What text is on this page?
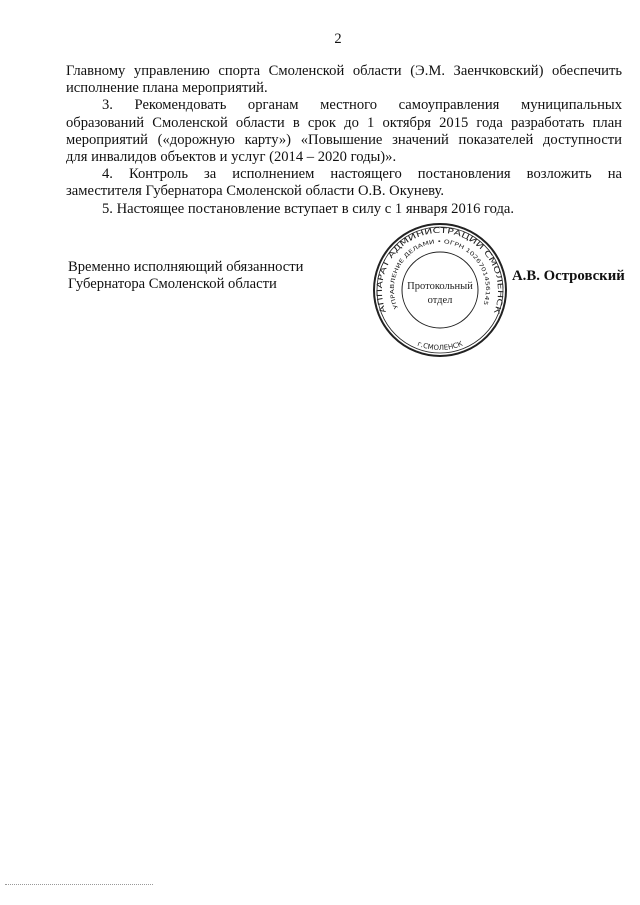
2
Главному управлению спорта Смоленской области (Э.М. Заенчковский) обеспечить
исполнение плана мероприятий.
3. Рекомендовать органам местного самоуправления муниципальных
образований Смоленской области в срок до 1 октября 2015 года разработать план
мероприятий («дорожную карту») «Повышение значений показателей доступности
для инвалидов объектов и услуг (2014 – 2020 годы)».
4. Контроль за исполнением настоящего постановления возложить на
заместителя Губернатора Смоленской области О.В. Окуневу.
5. Настоящее постановление вступает в силу с 1 января 2016 года.
Временно исполняющий обязанности
Губернатора Смоленской области
АППАРАТ АДМИНИСТРАЦИИ СМОЛЕНСК
УПРАВЛЕНИЕ ДЕЛАМИ • ОГРН 1026701456145
г.СМОЛЕНСК
Протокольный
отдел
А.В. Островский
